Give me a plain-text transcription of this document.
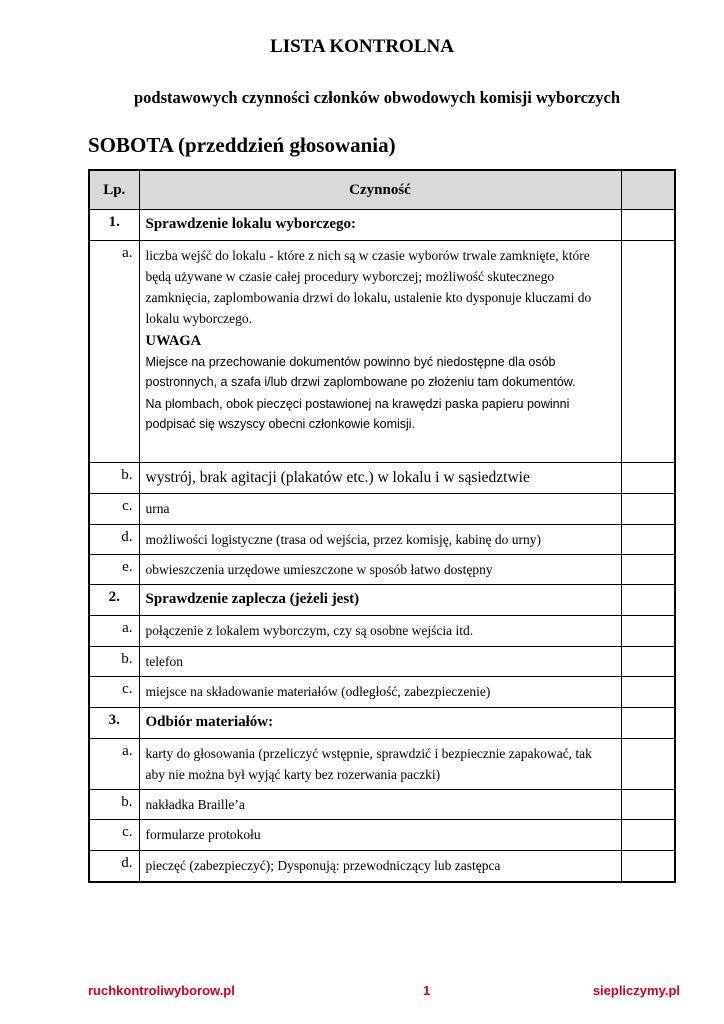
LISTA KONTROLNA
podstawowych czynności członków obwodowych komisji wyborczych
SOBOTA (przeddzień głosowania)
Lp.	Czynność	
1.	Sprawdzenie lokalu wyborczego:	
a.	liczba wejść do lokalu - które z nich są w czasie wyborów trwale zamknięte, które będą używane w czasie całej procedury wyborczej; możliwość skutecznego zamknięcia, zaplombowania drzwi do lokalu, ustalenie kto dysponuje kluczami do lokalu wyborczego.
UWAGA
Miejsce na przechowanie dokumentów powinno być niedostępne dla osób postronnych, a szafa i/lub drzwi zaplombowane po złożeniu tam dokumentów.
Na plombach, obok pieczęci postawionej na krawędzi paska papieru powinni podpisać się wszyscy obecni członkowie komisji.	

b.	wystrój, brak agitacji (plakatów etc.) w lokalu i w sąsiedztwie	
c.	urna	
d.	możliwości logistyczne (trasa od wejścia, przez komisję, kabinę do urny)	
e.	obwieszczenia urzędowe umieszczone w sposób łatwo dostępny	
2.	Sprawdzenie zaplecza (jeżeli jest)	
a.	połączenie z lokalem wyborczym, czy są osobne wejścia itd.	
b.	telefon	
c.	miejsce na składowanie materiałów (odległość, zabezpieczenie)	
3.	Odbiór materiałów:	
a.	karty do głosowania (przeliczyć wstępnie, sprawdzić i bezpiecznie zapakować, tak aby nie można był wyjąć karty bez rozerwania paczki)	
b.	nakładka Braille’a	
c.	formularze protokołu	
d.	pieczęć (zabezpieczyć); Dysponują: przewodniczący lub zastępca	
ruchkontroliwyborow.pl	1	siepliczymy.pl
